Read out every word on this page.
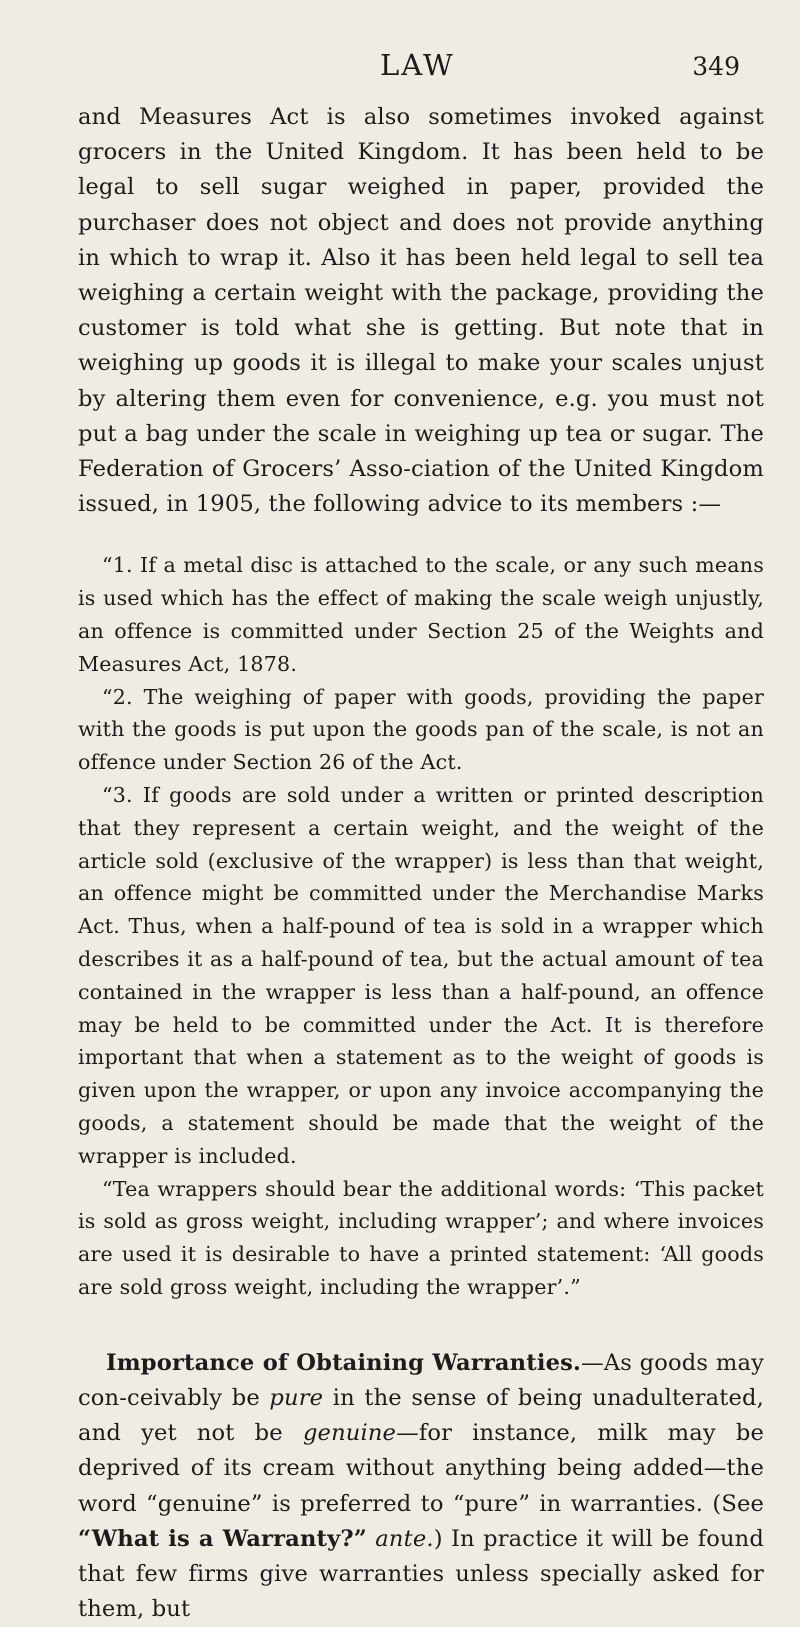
LAW	349

and Measures Act is also sometimes invoked against grocers in the United Kingdom. It has been held to be legal to sell sugar weighed in paper, provided the purchaser does not object and does not provide anything in which to wrap it. Also it has been held legal to sell tea weighing a certain weight with the package, providing the customer is told what she is getting. But note that in weighing up goods it is illegal to make your scales unjust by altering them even for convenience, e.g. you must not put a bag under the scale in weighing up tea or sugar. The Federation of Grocers’ Asso-ciation of the United Kingdom issued, in 1905, the following advice to its members :—

“1. If a metal disc is attached to the scale, or any such means is used which has the effect of making the scale weigh unjustly, an offence is committed under Section 25 of the Weights and Measures Act, 1878.

“2. The weighing of paper with goods, providing the paper with the goods is put upon the goods pan of the scale, is not an offence under Section 26 of the Act.

“3. If goods are sold under a written or printed description that they represent a certain weight, and the weight of the article sold (exclusive of the wrapper) is less than that weight, an offence might be committed under the Merchandise Marks Act. Thus, when a half-pound of tea is sold in a wrapper which describes it as a half-pound of tea, but the actual amount of tea contained in the wrapper is less than a half-pound, an offence may be held to be committed under the Act. It is therefore important that when a statement as to the weight of goods is given upon the wrapper, or upon any invoice accompanying the goods, a statement should be made that the weight of the wrapper is included.

“Tea wrappers should bear the additional words: ‘This packet is sold as gross weight, including wrapper’; and where invoices are used it is desirable to have a printed statement: ‘All goods are sold gross weight, including the wrapper’.”

Importance of Obtaining Warranties.—As goods may con-ceivably be pure in the sense of being unadulterated, and yet not be genuine—for instance, milk may be deprived of its cream without anything being added—the word “genuine” is preferred to “pure” in warranties. (See “What is a Warranty?” ante.) In practice it will be found that few firms give warranties unless specially asked for them, but
